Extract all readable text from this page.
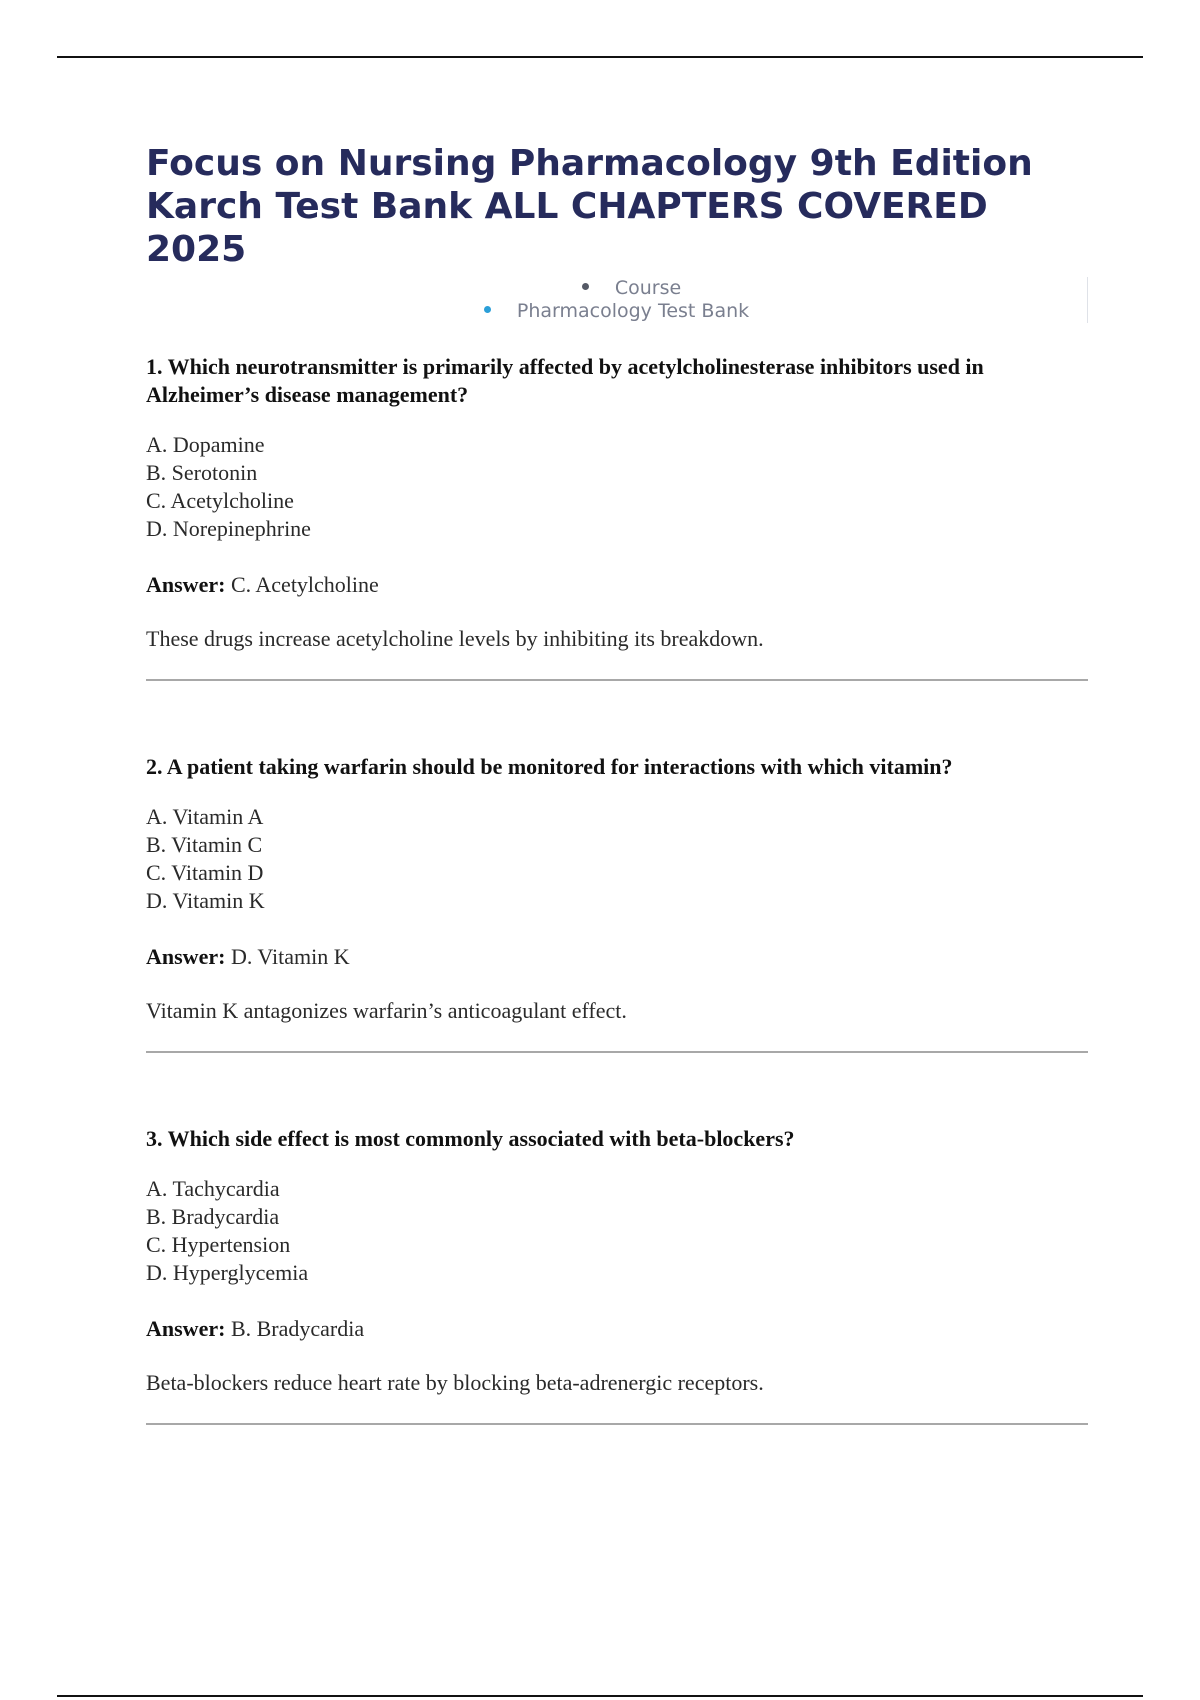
Focus on Nursing Pharmacology 9th Edition Karch Test Bank ALL CHAPTERS COVERED 2025
Course
Pharmacology Test Bank

1. Which neurotransmitter is primarily affected by acetylcholinesterase inhibitors used in Alzheimer’s disease management?

A. Dopamine
B. Serotonin
C. Acetylcholine
D. Norepinephrine

Answer: C. Acetylcholine

These drugs increase acetylcholine levels by inhibiting its breakdown.

2. A patient taking warfarin should be monitored for interactions with which vitamin?

A. Vitamin A
B. Vitamin C
C. Vitamin D
D. Vitamin K

Answer: D. Vitamin K

Vitamin K antagonizes warfarin’s anticoagulant effect.

3. Which side effect is most commonly associated with beta-blockers?

A. Tachycardia
B. Bradycardia
C. Hypertension
D. Hyperglycemia

Answer: B. Bradycardia

Beta-blockers reduce heart rate by blocking beta-adrenergic receptors.
